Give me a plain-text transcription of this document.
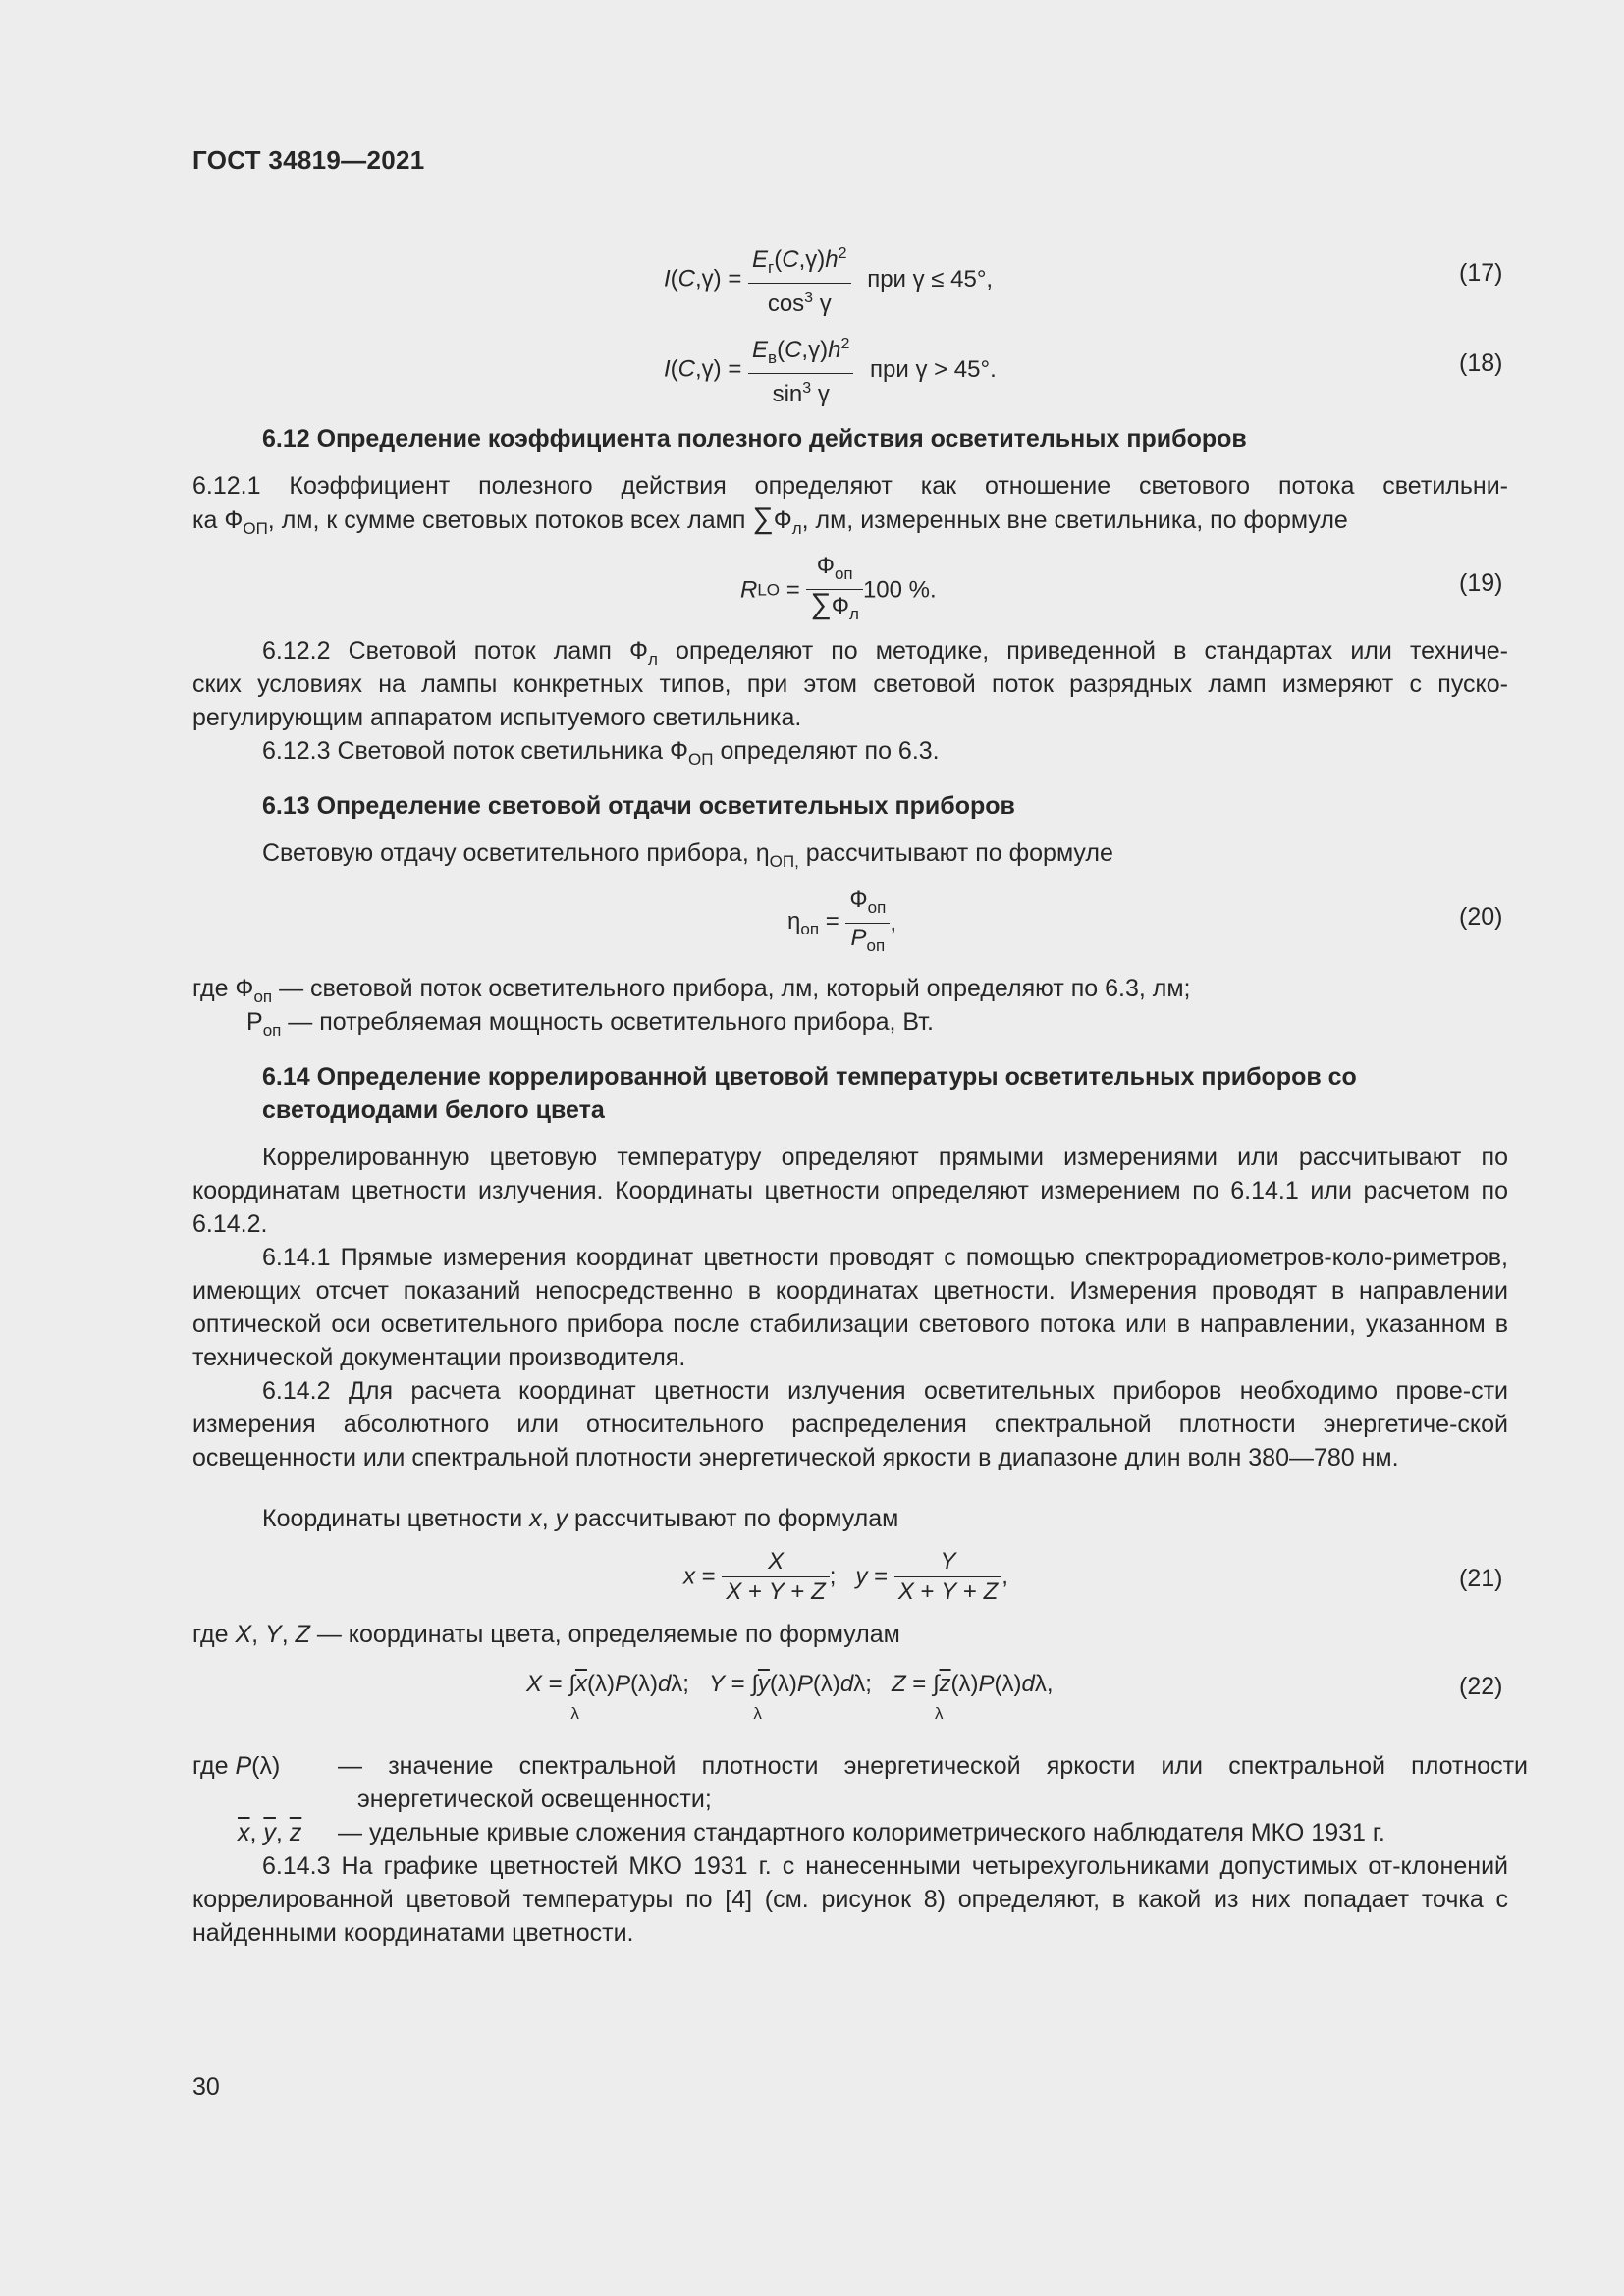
ГОСТ 34819—2021
$I(C,\gamma) = \frac{E_г(C,\gamma)h^2}{\cos^3 \gamma}$ при γ ≤ 45°,	(17)
$I(C,\gamma) = \frac{E_в(C,\gamma)h^2}{\sin^3 \gamma}$ при γ > 45°.	(18)
6.12 Определение коэффициента полезного действия осветительных приборов
6.12.1 Коэффициент полезного действия определяют как отношение светового потока светильни-
ка $Ф_{ОП}$, лм, к сумме световых потоков всех ламп $\sum Ф_л$, лм, измеренных вне светильника, по формуле
RLO = $\frac{Ф_{оп}}{\sum Ф_л} 100$ %.	(19)
6.12.2 Световой поток ламп $Ф_л$ определяют по методике, приведенной в стандартах или техниче-
ских условиях на лампы конкретных типов, при этом световой поток разрядных ламп измеряют с пуско-
регулирующим аппаратом испытуемого светильника.
6.12.3 Световой поток светильника $Ф_{ОП}$ определяют по 6.3.
6.13 Определение световой отдачи осветительных приборов
Световую отдачу осветительного прибора, $\eta_{ОП,}$ рассчитывают по формуле
$\eta_{оп} = \frac{Ф_{оп}}{P_{оп}}$ ,	(20)
где $Ф_{оп}$ — световой поток осветительного прибора, лм, который определяют по 6.3, лм;
$P_{оп}$ — потребляемая мощность осветительного прибора, Вт.
6.14 Определение коррелированной цветовой температуры осветительных приборов со
светодиодами белого цвета
Коррелированную цветовую температуру определяют прямыми измерениями или рассчитывают по координатам цветности излучения. Координаты цветности определяют измерением по 6.14.1 или расчетом по 6.14.2.
6.14.1 Прямые измерения координат цветности проводят с помощью спектрорадиометров-коло-риметров, имеющих отсчет показаний непосредственно в координатах цветности. Измерения проводят в направлении оптической оси осветительного прибора после стабилизации светового потока или в направлении, указанном в технической документации производителя.
6.14.2 Для расчета координат цветности излучения осветительных приборов необходимо прове-сти измерения абсолютного или относительного распределения спектральной плотности энергетиче-ской освещенности или спектральной плотности энергетической яркости в диапазоне длин волн 380—780 нм.
Координаты цветности x, y рассчитывают по формулам
$x = \frac{X}{X + Y + Z}$ ;   $y = \frac{Y}{X + Y + Z}$ ,	(21)
где X, Y, Z — координаты цвета, определяемые по формулам
X = ∫
λ
$\overline{x}(\lambda)P(\lambda)d\lambda$;   Y = ∫
λ
$\overline{y}(\lambda)P(\lambda)d\lambda$;   Z = ∫
λ
$\overline{z}(\lambda)P(\lambda)d\lambda$,	(22)
где P(λ) — значение спектральной плотности энергетической яркости или спектральной плотности энергетической освещенности;
$\overline{x}$, $\overline{y}$, $\overline{z}$ — удельные кривые сложения стандартного колориметрического наблюдателя МКО 1931 г.
6.14.3 На графике цветностей МКО 1931 г. с нанесенными четырехугольниками допустимых от-клонений коррелированной цветовой температуры по [4] (см. рисунок 8) определяют, в какой из них попадает точка с найденными координатами цветности.
30
